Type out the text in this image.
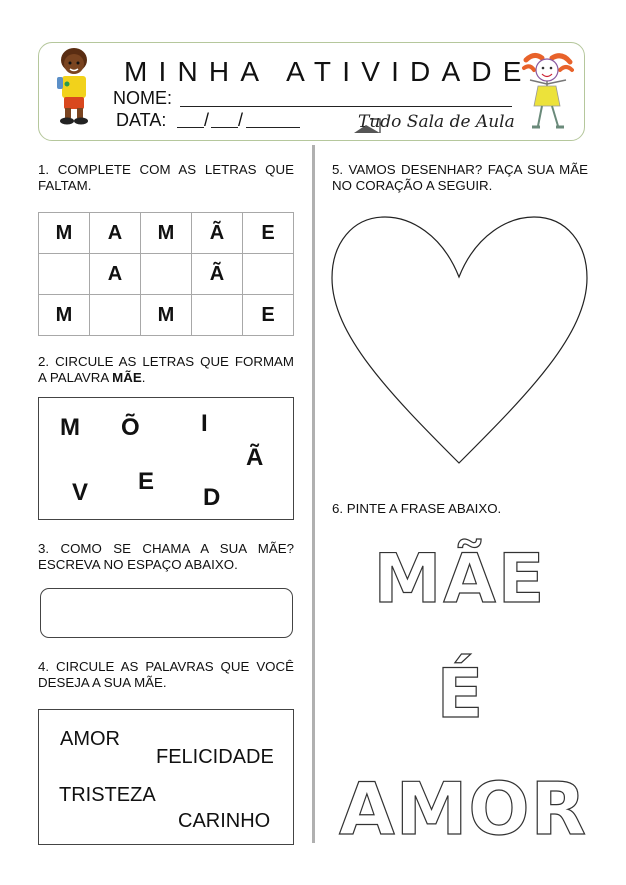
MINHA ATIVIDADE
NOME:
DATA: / /	Tudo Sala de Aula
1. COMPLETE COM AS LETRAS QUE FALTAM.
M	A	M	Ã	E
	A		Ã	
M		M		E
2. CIRCULE AS LETRAS QUE FORMAM A PALAVRA MÃE.
M Õ	I
Ã
V E
D
3. COMO SE CHAMA A SUA MÃE? ESCREVA NO ESPAÇO ABAIXO.
4. CIRCULE AS PALAVRAS QUE VOCÊ DESEJA A SUA MÃE.
AMOR
FELICIDADE
TRISTEZA
CARINHO
5. VAMOS DESENHAR? FAÇA SUA MÃE NO CORAÇÃO A SEGUIR.
6. PINTE A FRASE ABAIXO.
MÃE
É
AMOR
